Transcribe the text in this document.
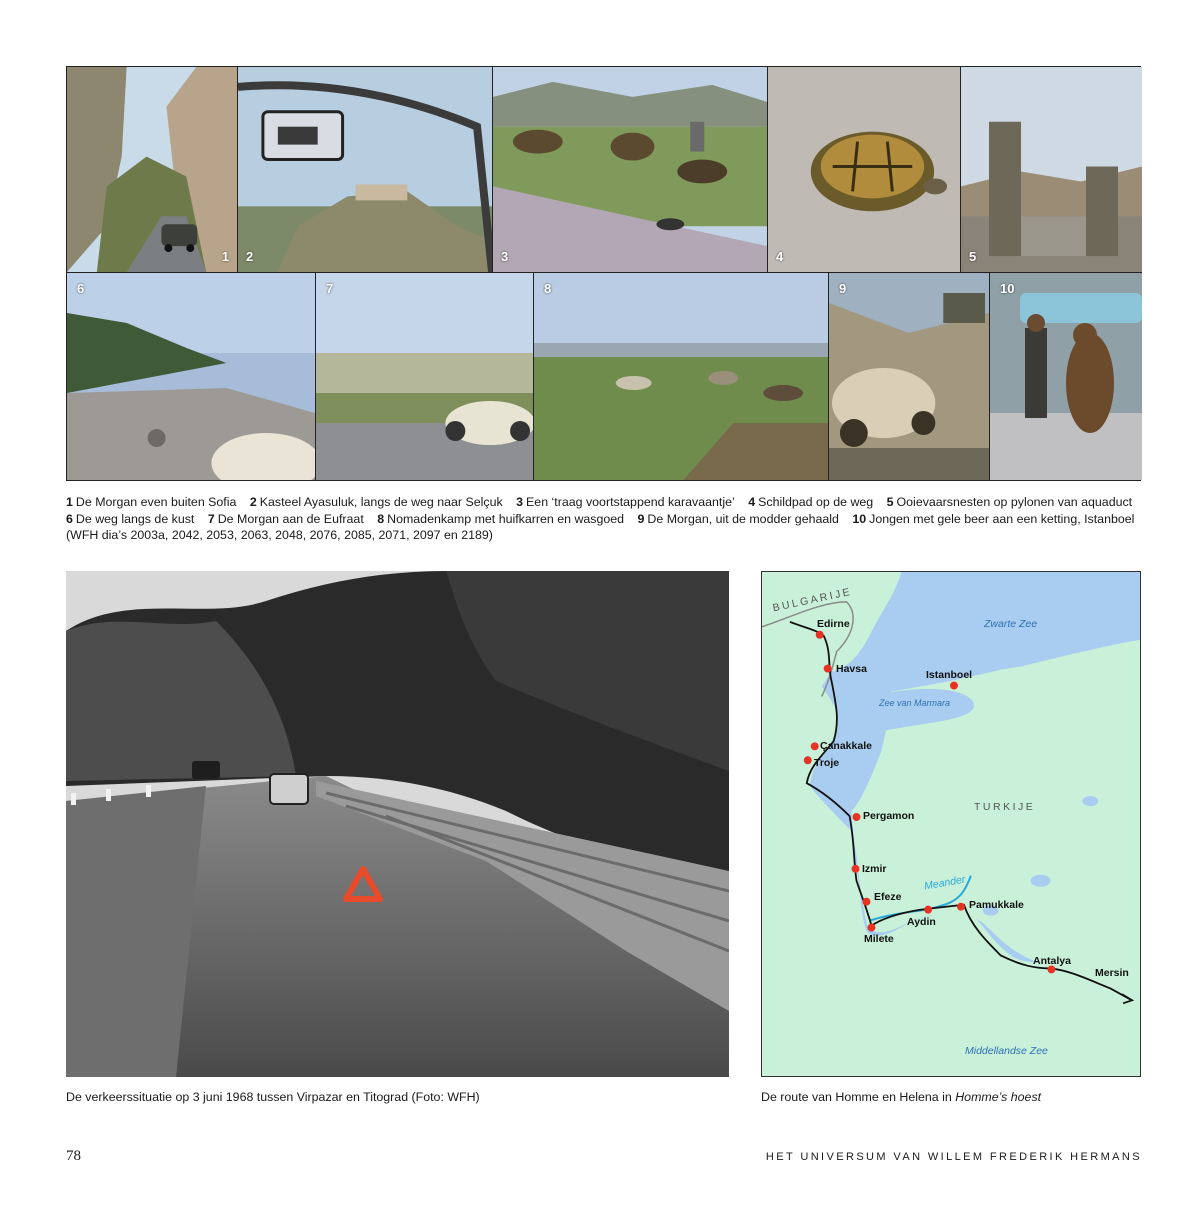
1 2	3	4	5
6	7	8	9	10
1 De Morgan even buiten Sofia 2 Kasteel Ayasuluk, langs de weg naar Selçuk 3 Een ‘traag voortstappend karavaantje’ 4 Schildpad op de weg 5 Ooievaarsnesten op pylonen van aquaduct
6 De weg langs de kust 7 De Morgan aan de Eufraat 8 Nomadenkamp met huifkarren en wasgoed 9 De Morgan, uit de modder gehaald 10 Jongen met gele beer aan een ketting, Istanboel
(WFH dia’s 2003a, 2042, 2053, 2063, 2048, 2076, 2085, 2071, 2097 en 2189)
De verkeerssituatie op 3 juni 1968 tussen Virpazar en Titograd (Foto: WFH)
BULGARIJE
TURKIJE
Zwarte Zee
Zee van Marmara
Middellandse Zee
Meander
Edirne
Havsa	Istanboel
Çanakkale
Troje
Pergamon
Izmir
Efeze
Pamukkale
Aydin
Milete
Antalya
Mersin
De route van Homme en Helena in Homme’s hoest
78	HET UNIVERSUM VAN WILLEM FREDERIK HERMANS
